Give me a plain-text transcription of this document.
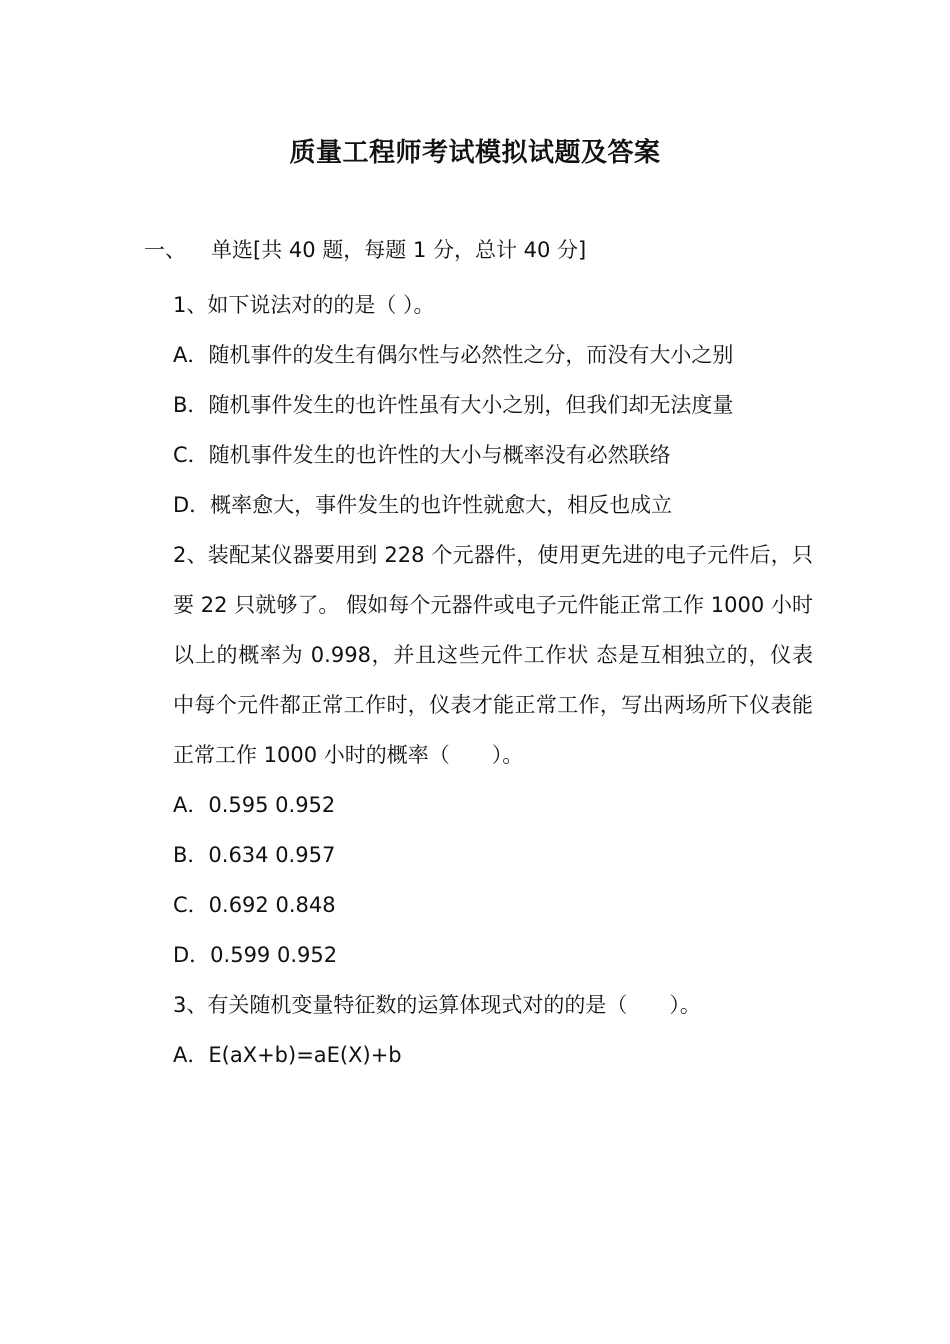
质量工程师考试模拟试题及答案
一、 单选[共 40 题，每题 1 分，总计 40 分]

1、如下说法对的的是（ ）。

A．随机事件的发生有偶尔性与必然性之分，而没有大小之别

B．随机事件发生的也许性虽有大小之别，但我们却无法度量

C．随机事件发生的也许性的大小与概率没有必然联络

D．概率愈大，事件发生的也许性就愈大，相反也成立

2、装配某仪器要用到 228 个元器件，使用更先进的电子元件后，只要 22 只就够了。 假如每个元器件或电子元件能正常工作 1000 小时以上的概率为 0.998，并且这些元件工作状 态是互相独立的，仪表中每个元件都正常工作时，仪表才能正常工作，写出两场所下仪表能正常工作 1000 小时的概率（　　）。

A．0.595 0.952

B．0.634 0.957

C．0.692 0.848

D．0.599 0.952

3、有关随机变量特征数的运算体现式对的的是（　　）。

A．E(aX+b)=aE(X)+b
